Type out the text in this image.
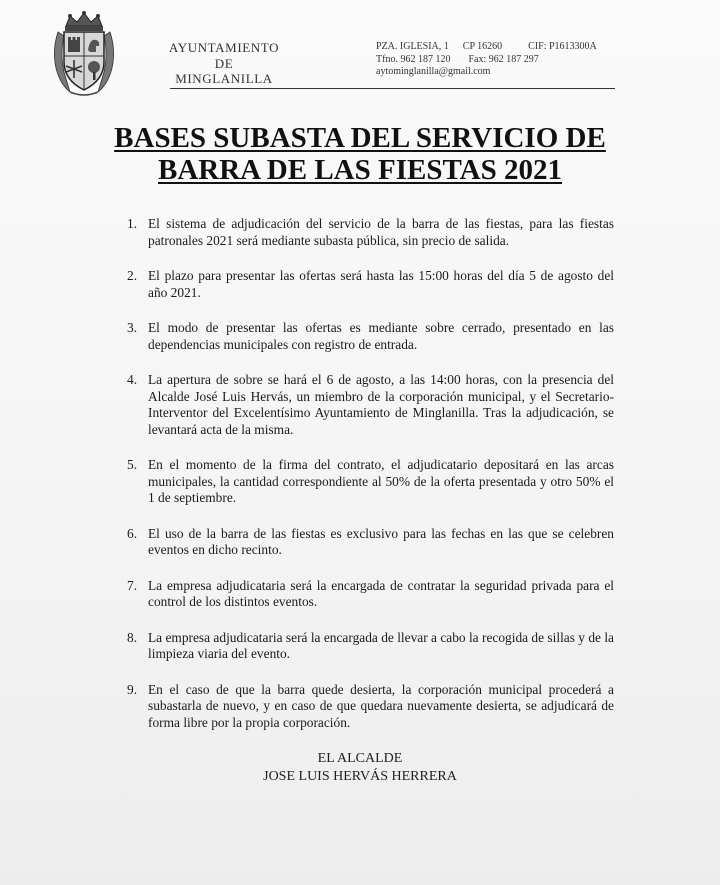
AYUNTAMIENTO
DE
MINGLANILLA
PZA. IGLESIA, 1 CP 16260	CIF: P1613300A
Tfno. 962 187 120 Fax: 962 187 297
aytominglanilla@gmail.com
BASES SUBASTA DEL SERVICIO DE
BARRA DE LAS FIESTAS 2021
1. El sistema de adjudicación del servicio de la barra de las fiestas, para las fiestas patronales 2021 será mediante subasta pública, sin precio de salida.
2. El plazo para presentar las ofertas será hasta las 15:00 horas del día 5 de agosto del año 2021.
3. El modo de presentar las ofertas es mediante sobre cerrado, presentado en las dependencias municipales con registro de entrada.
4. La apertura de sobre se hará el 6 de agosto, a las 14:00 horas, con la presencia del Alcalde José Luis Hervás, un miembro de la corporación municipal, y el Secretario-Interventor del Excelentísimo Ayuntamiento de Minglanilla. Tras la adjudicación, se levantará acta de la misma.
5. En el momento de la firma del contrato, el adjudicatario depositará en las arcas municipales, la cantidad correspondiente al 50% de la oferta presentada y otro 50% el 1 de septiembre.
6. El uso de la barra de las fiestas es exclusivo para las fechas en las que se celebren eventos en dicho recinto.
7. La empresa adjudicataria será la encargada de contratar la seguridad privada para el control de los distintos eventos.
8. La empresa adjudicataria será la encargada de llevar a cabo la recogida de sillas y de la limpieza viaria del evento.
9. En el caso de que la barra quede desierta, la corporación municipal procederá a subastarla de nuevo, y en caso de que quedara nuevamente desierta, se adjudicará de forma libre por la propia corporación.
EL ALCALDE
JOSE LUIS HERVÁS HERRERA
